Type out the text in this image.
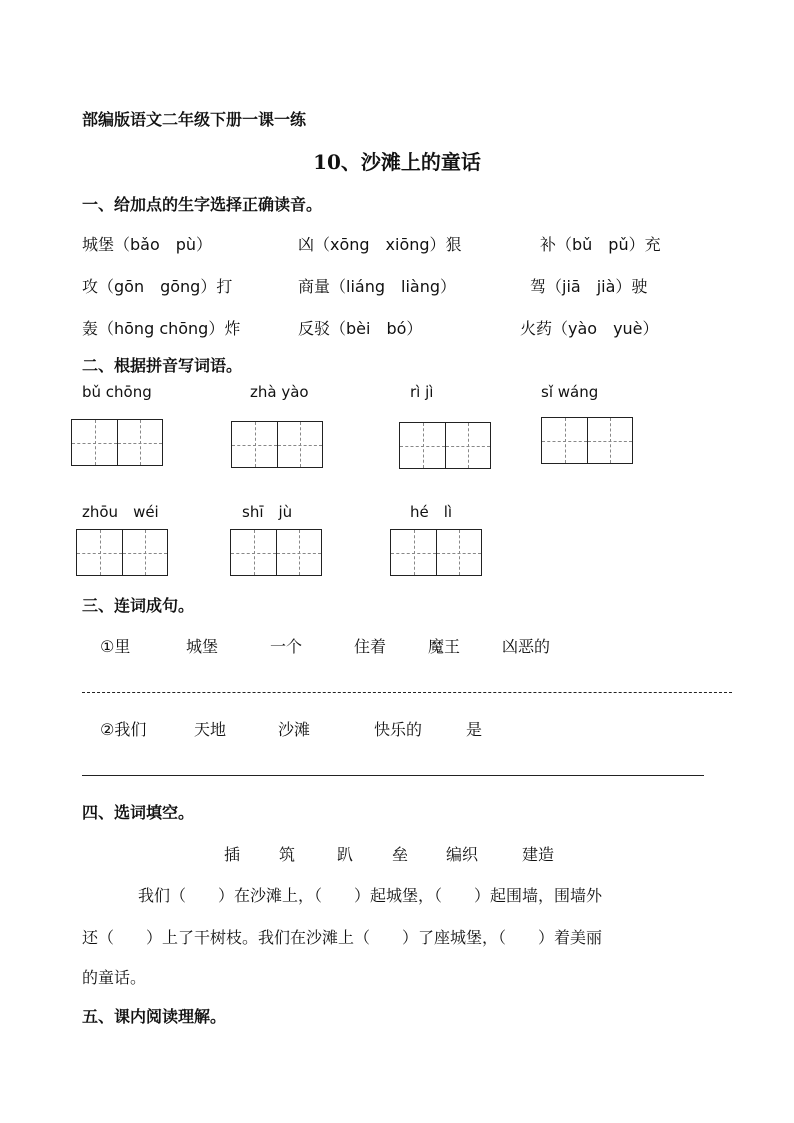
部编版语文二年级下册一课一练
10、沙滩上的童话
一、给加点的生字选择正确读音。
城堡（bǎo　pù）	凶（xōng　xiōng）狠	补（bǔ　pǔ）充
攻（gōn　gōng）打	商量（liáng　liàng）	驾（jiā　jià）驶
轰（hōng chōng）炸	反驳（bèi　bó）	火药（yào　yuè）
二、根据拼音写词语。
bǔ chōng	zhà yào	rì jì	sǐ wáng
zhōu　wéi	shī　jù	hé　lì
三、连词成句。
①里	城堡	一个	住着	魔王	凶恶的
②我们	天地	沙滩	快乐的	是
四、选词填空。
插 筑	趴 垒 编织	建造
我们（　　）在沙滩上，（　　）起城堡，（　　）起围墙，围墙外
还（　　）上了干树枝。我们在沙滩上（　　）了座城堡，（　　）着美丽
的童话。
五、课内阅读理解。
